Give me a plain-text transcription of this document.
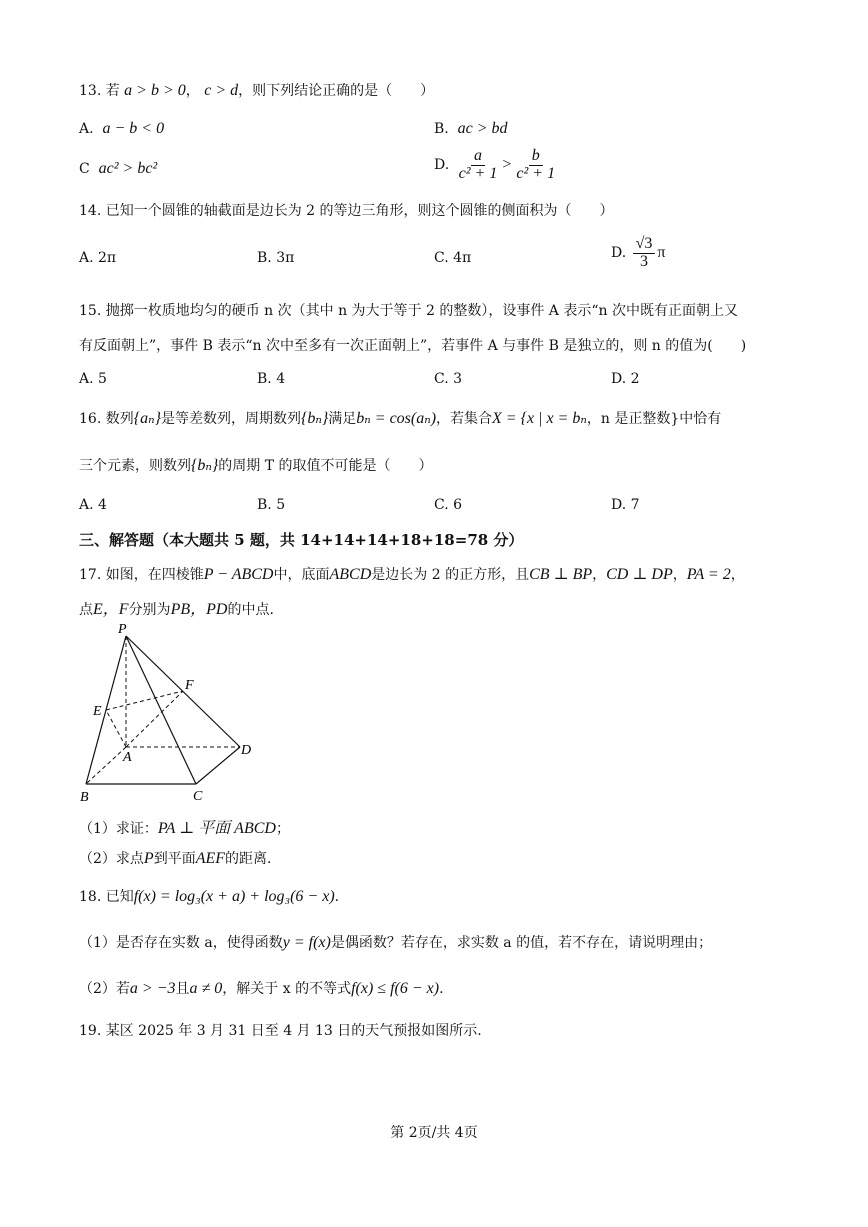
13. 若 a > b > 0， c > d，则下列结论正确的是（　　）
A. a − b < 0	B. ac > bd
C ac² > bc²	D.
$\frac{a}{\text{c² + 1}} > \frac{b}{\text{c² + 1}}$
14. 已知一个圆锥的轴截面是边长为 2 的等边三角形，则这个圆锥的侧面积为（　　）
A. 2π	B. 3π	C. 4π	D.
$\frac{√3}{3}$ π
15. 抛掷一枚质地均匀的硬币 n 次（其中 n 为大于等于 2 的整数），设事件 A 表示“n 次中既有正面朝上又
有反面朝上”，事件 B 表示“n 次中至多有一次正面朝上”，若事件 A 与事件 B 是独立的，则 n 的值为(　　)
A. 5	B. 4	C. 3	D. 2
16. 数列{aₙ}是等差数列，周期数列{bₙ}满足bₙ = cos(aₙ)，若集合X = {x | x = bₙ，n 是正整数}中恰有
三个元素，则数列{bₙ}的周期 T 的取值不可能是（　　）
A. 4	B. 5	C. 6	D. 7
三、解答题（本大题共 5 题，共 14+14+14+18+18=78 分）
17. 如图，在四棱锥P − ABCD中，底面ABCD是边长为 2 的正方形，且CB ⊥ BP，CD ⊥ DP，PA = 2，
点E，F分别为PB，PD的中点.
P
F
E
A	D
B	C
（1）求证：PA ⊥ 平面 ABCD；
（2）求点P到平面AEF的距离.
18. 已知f(x) = log₃(x + a) + log₃(6 − x).
（1）是否存在实数 a，使得函数y = f(x)是偶函数？若存在，求实数 a 的值，若不存在，请说明理由；
（2）若a > −3且a ≠ 0，解关于 x 的不等式f(x) ≤ f(6 − x).
19. 某区 2025 年 3 月 31 日至 4 月 13 日的天气预报如图所示.
第 2页/共 4页
